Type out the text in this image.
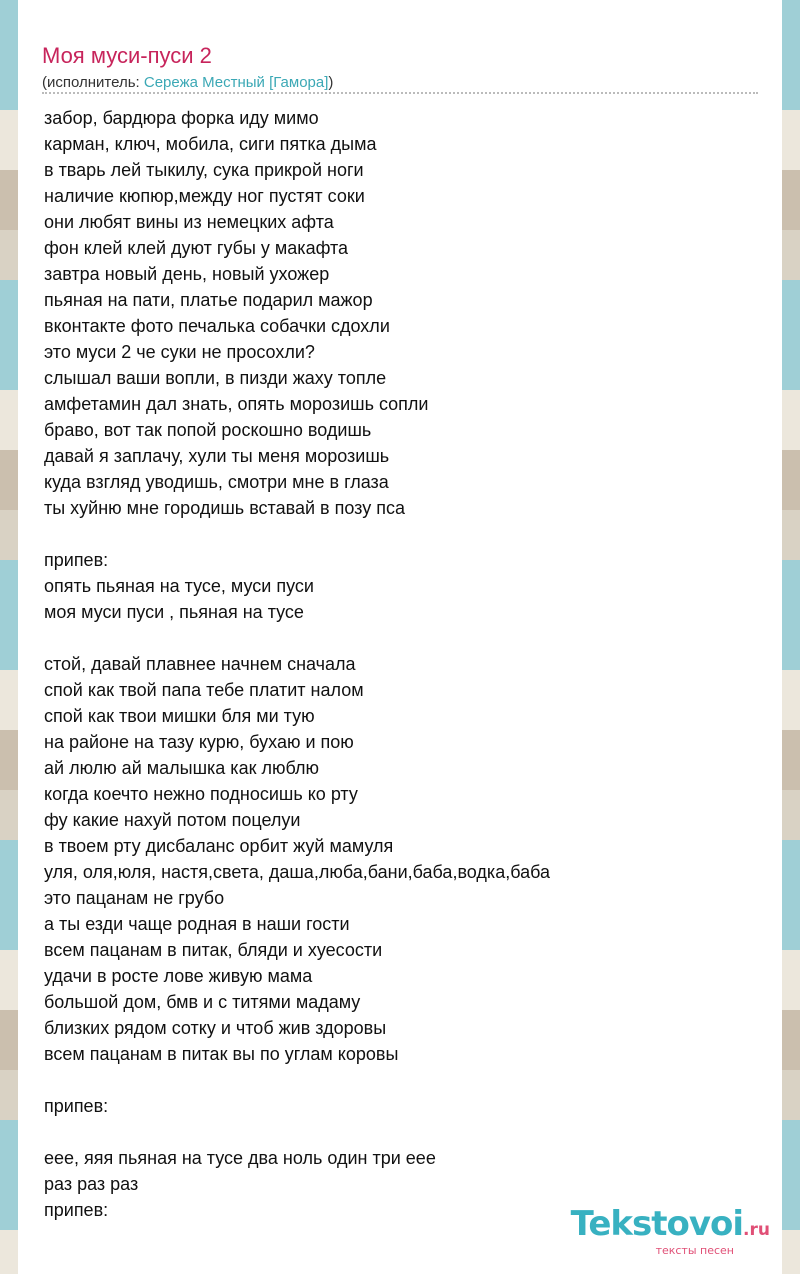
Моя муси-пуси 2
(исполнитель: Сережа Местный [Гамора])
забор, бардюра форка иду мимо
карман, ключ, мобила, сиги пятка дыма
в тварь лей тыкилу, сука прикрой ноги
наличие кюпюр,между ног пустят соки
они любят вины из немецких афта
фон клей клей дуют губы у макафта
завтра новый день, новый ухожер
пьяная на пати, платье подарил мажор
вконтакте фото печалька собачки сдохли
это муси 2 че суки не просохли?
слышал ваши вопли, в пизди жаху топле
амфетамин дал знать, опять морозишь сопли
браво, вот так попой роскошно водишь
давай я заплачу, хули ты меня морозишь
куда взгляд уводишь, смотри мне в глаза
ты хуйню мне городишь вставай в позу пса
припев:
опять пьяная на тусе, муси пуси
моя муси пуси , пьяная на тусе
стой, давай плавнее начнем сначала
спой как твой папа тебе платит налом
спой как твои мишки бля ми тую
на районе на тазу курю, бухаю и пою
ай люлю ай малышка как люблю
когда коечто нежно подносишь ко рту
фу какие нахуй потом поцелуи
в твоем рту дисбаланс орбит жуй мамуля
уля, оля,юля, настя,света, даша,люба,бани,баба,водка,баба
это пацанам не грубо
а ты езди чаще родная в наши гости
всем пацанам в питак, бляди и хуесости
удачи в росте лове живую мама
большой дом, бмв и с титями мадаму
близких рядом сотку и чтоб жив здоровы
всем пацанам в питак вы по углам коровы
припев:
еее, яяя пьяная на тусе два ноль один три еее
раз раз раз
припев:	Tekstovoi.ru
тексты песен
